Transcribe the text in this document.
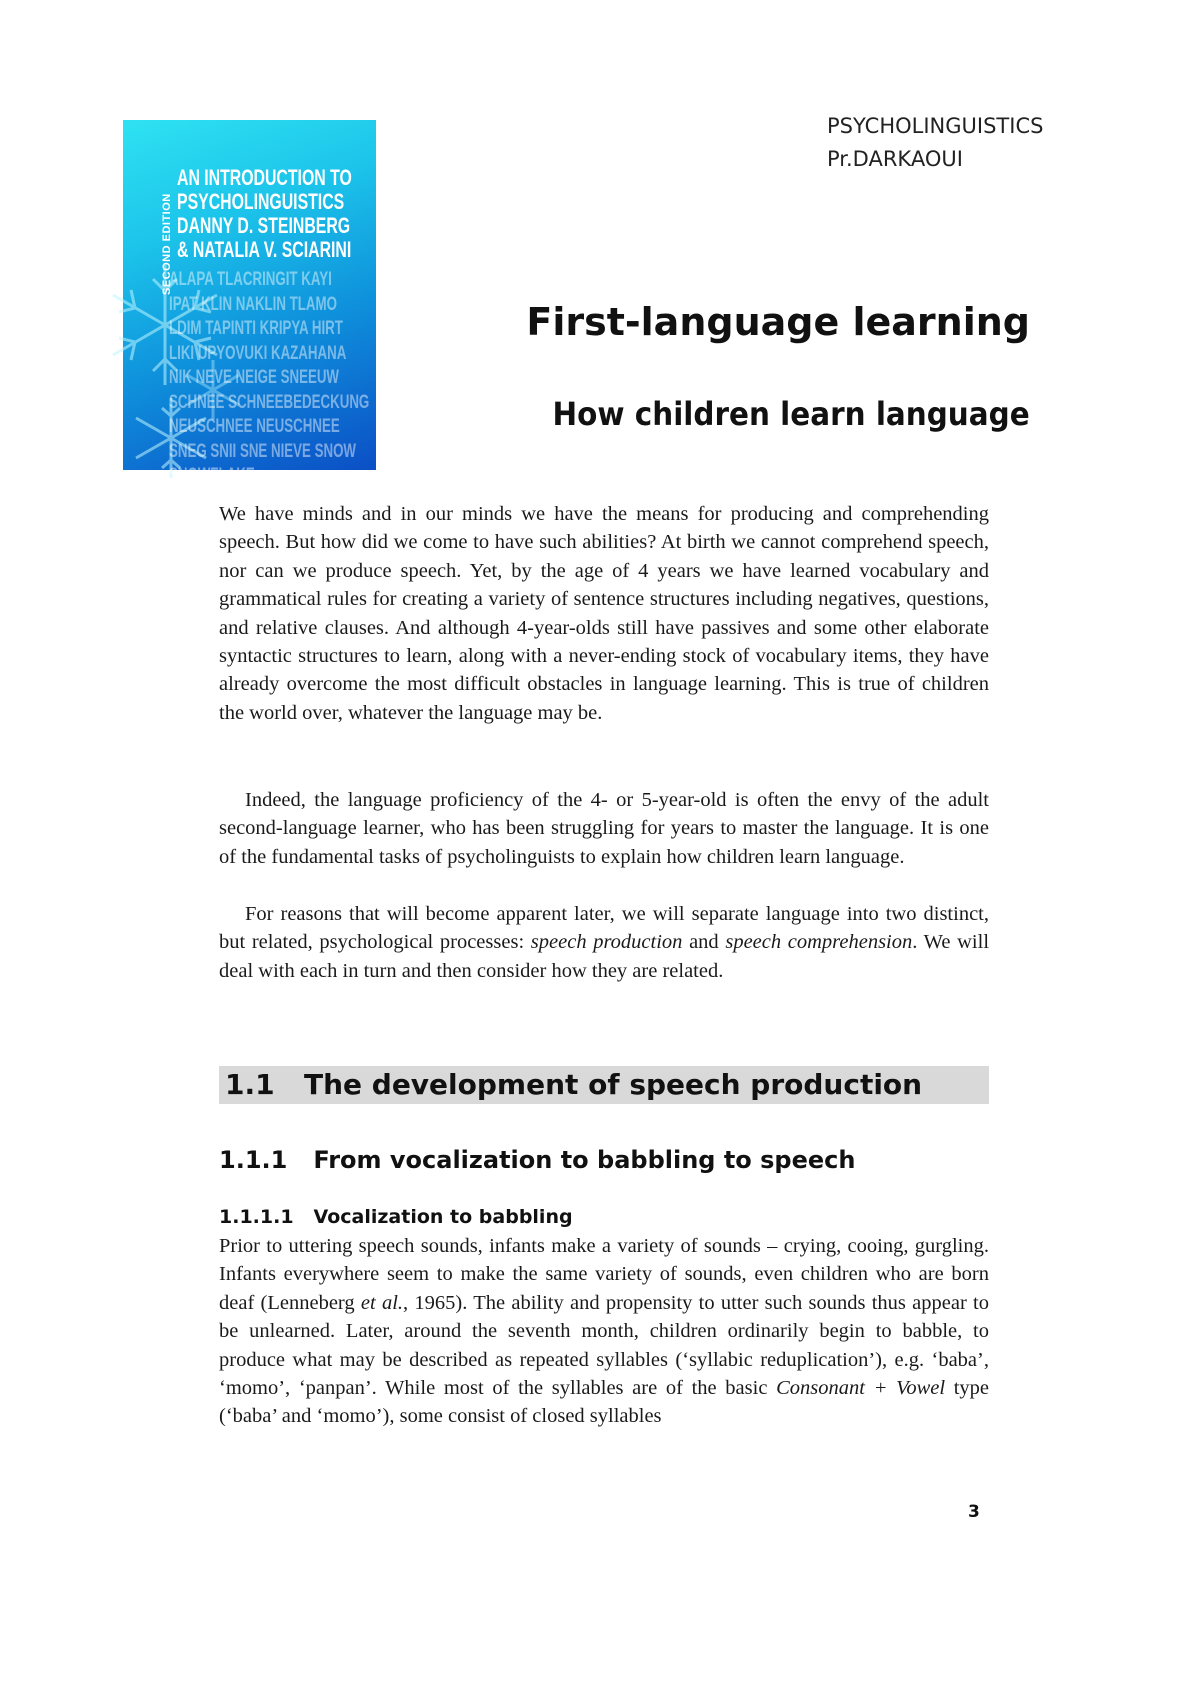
PSYCHOLINGUISTICS
Pr.DARKAOUI
SECOND EDITION
AN INTRODUCTION TO
PSYCHOLINGUISTICS
DANNY D. STEINBERG
& NATALIA V. SCIARINI
ALAPA TLACRINGIT KAYI
IPAT KLIN NAKLIN TLAMO
LDIM TAPINTI KRIPYA HIRT
LIKI UPYOVUKI KAZAHANA
NIK NEVE NEIGE SNEEUW
SCHNEE SCHNEEBEDECKUNG
NEUSCHNEE NEUSCHNEE
SNEG SNII SNE NIEVE SNOW
SNOWFLAKE
First-language learning
How children learn language

We have minds and in our minds we have the means for producing and comprehending speech. But how did we come to have such abilities? At birth we cannot comprehend speech, nor can we produce speech. Yet, by the age of 4 years we have learned vocabulary and grammatical rules for creating a variety of sentence structures including negatives, questions, and relative clauses. And although 4-year-olds still have passives and some other elaborate syntactic structures to learn, along with a never-ending stock of vocabulary items, they have already overcome the most difficult obstacles in language learning. This is true of children the world over, whatever the language may be.

Indeed, the language proficiency of the 4- or 5-year-old is often the envy of the adult second-language learner, who has been struggling for years to master the language. It is one of the fundamental tasks of psycholinguists to explain how children learn language.

For reasons that will become apparent later, we will separate language into two distinct, but related, psychological processes: speech production and speech comprehension. We will deal with each in turn and then consider how they are related.

1.1 The development of speech production
1.1.1 From vocalization to babbling to speech
1.1.1.1 Vocalization to babbling

Prior to uttering speech sounds, infants make a variety of sounds – crying, cooing, gurgling. Infants everywhere seem to make the same variety of sounds, even children who are born deaf (Lenneberg et al., 1965). The ability and propensity to utter such sounds thus appear to be unlearned. Later, around the seventh month, children ordinarily begin to babble, to produce what may be described as repeated syllables (‘syllabic reduplication’), e.g. ‘baba’, ‘momo’, ‘panpan’. While most of the syllables are of the basic Consonant + Vowel type (‘baba’ and ‘momo’), some consist of closed syllables

3
